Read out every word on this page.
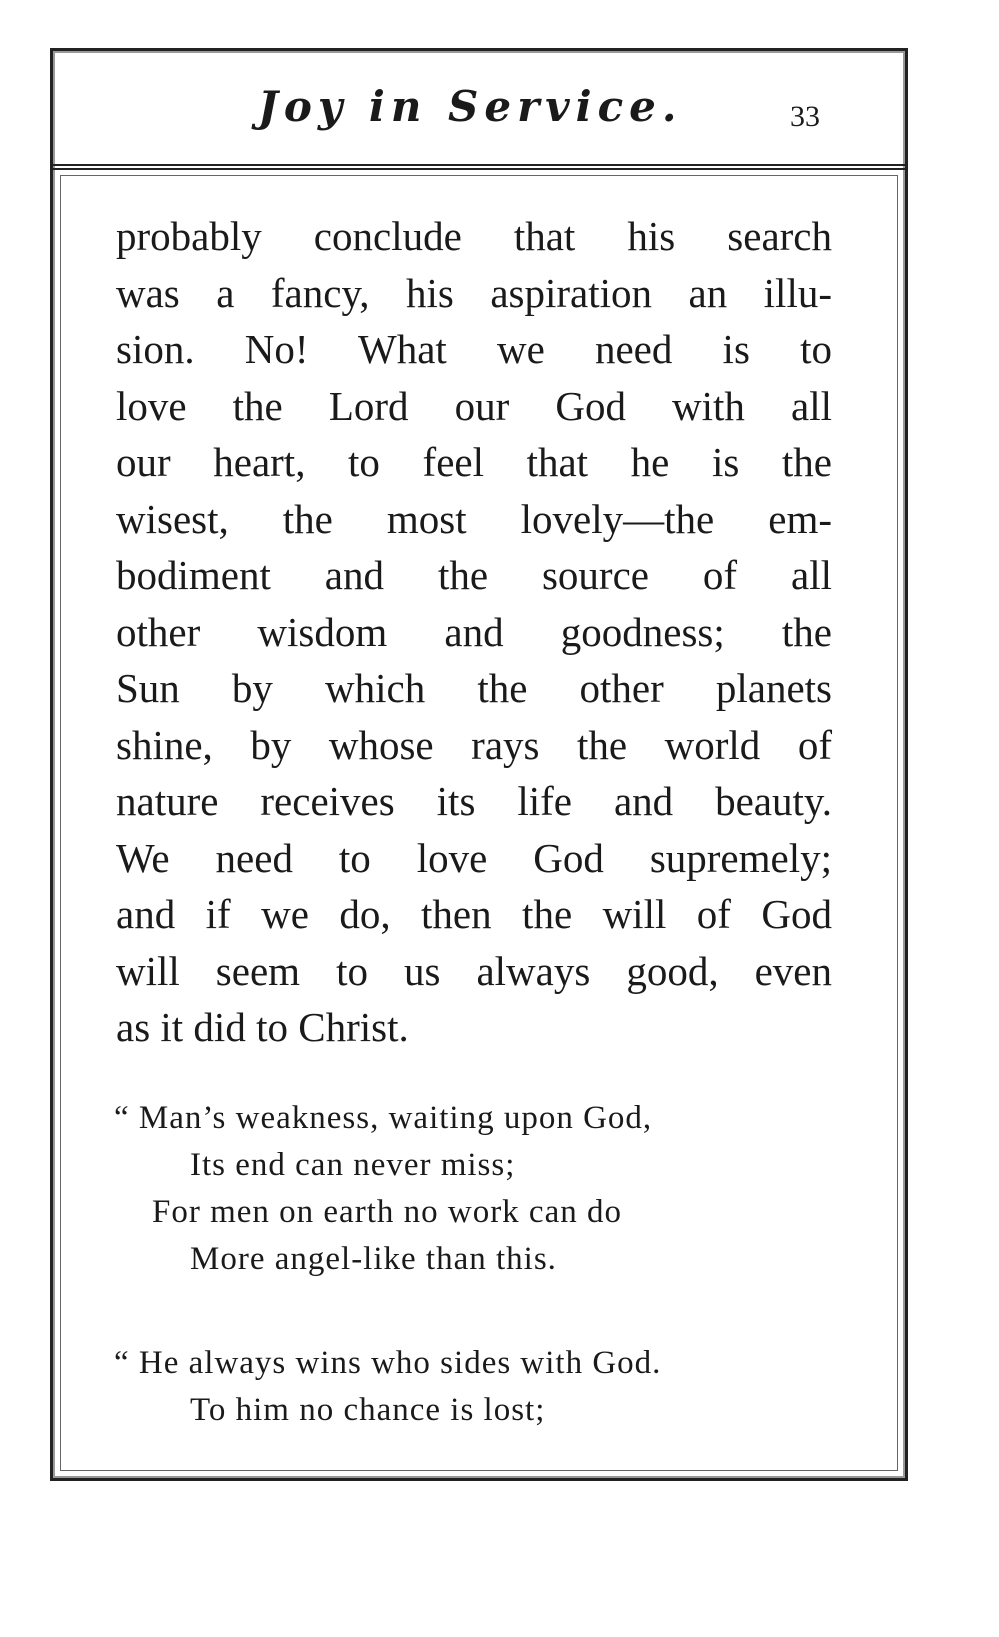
Joy in Service.	33
probably conclude that his search
was a fancy, his aspiration an illu-
sion. No! What we need is to
love the Lord our God with all
our heart, to feel that he is the
wisest, the most lovely—the em-
bodiment and the source of all
other wisdom and goodness; the
Sun by which the other planets
shine, by whose rays the world of
nature receives its life and beauty.
We need to love God supremely;
and if we do, then the will of God
will seem to us always good, even
as it did to Christ.
“ Man’s weakness, waiting upon God,
Its end can never miss;
For men on earth no work can do
More angel-like than this.
“ He always wins who sides with God.
To him no chance is lost;
